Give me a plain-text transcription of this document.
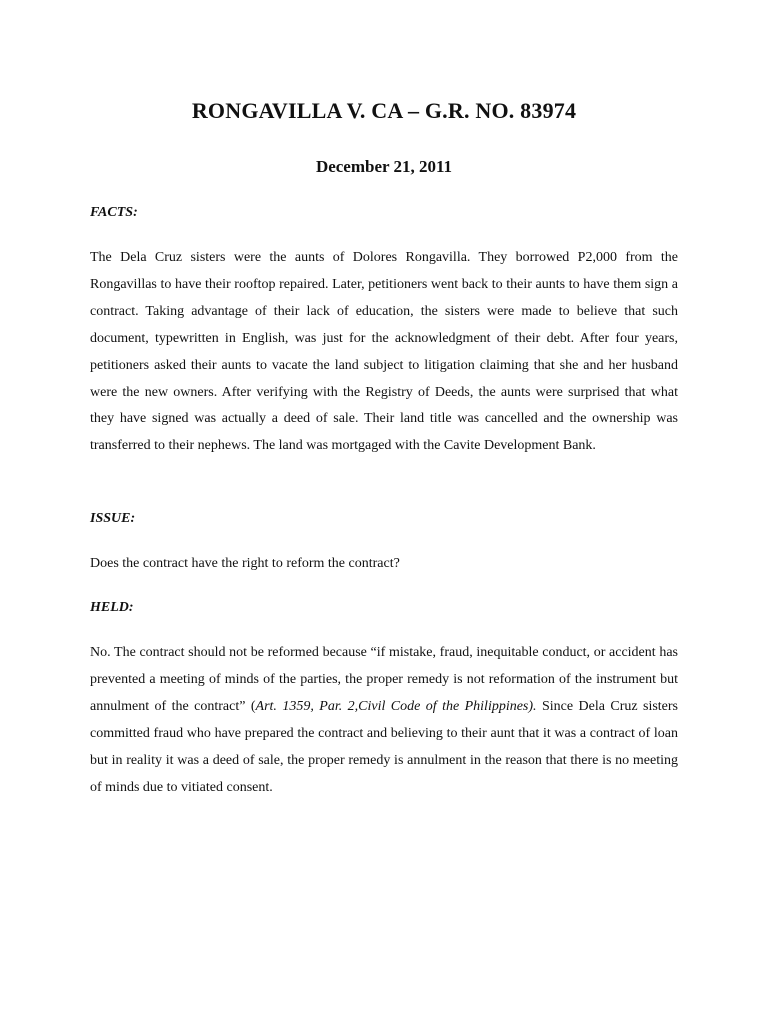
RONGAVILLA V. CA – G.R. NO. 83974
December 21, 2011

FACTS:

The Dela Cruz sisters were the aunts of Dolores Rongavilla. They borrowed P2,000 from the Rongavillas to have their rooftop repaired. Later, petitioners went back to their aunts to have them sign a contract. Taking advantage of their lack of education, the sisters were made to believe that such document, typewritten in English, was just for the acknowledgment of their debt. After four years, petitioners asked their aunts to vacate the land subject to litigation claiming that she and her husband were the new owners. After verifying with the Registry of Deeds, the aunts were surprised that what they have signed was actually a deed of sale. Their land title was cancelled and the ownership was transferred to their nephews. The land was mortgaged with the Cavite Development Bank.

ISSUE:

Does the contract have the right to reform the contract?

HELD:

No. The contract should not be reformed because “if mistake, fraud, inequitable conduct, or accident has prevented a meeting of minds of the parties, the proper remedy is not reformation of the instrument but annulment of the contract” (Art. 1359, Par. 2,Civil Code of the Philippines). Since Dela Cruz sisters committed fraud who have prepared the contract and believing to their aunt that it was a contract of loan but in reality it was a deed of sale, the proper remedy is annulment in the reason that there is no meeting of minds due to vitiated consent.
